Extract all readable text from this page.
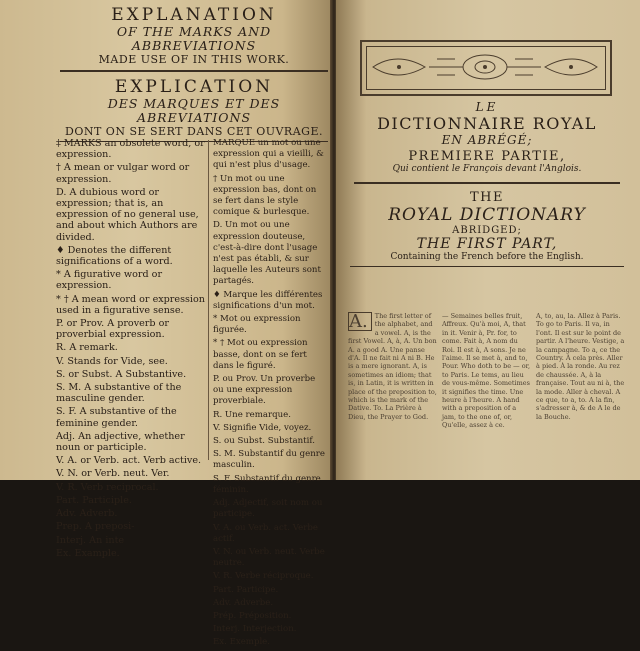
EXPLANATION

OF THE MARKS AND ABBREVIATIONS

MADE USE OF IN THIS WORK.

EXPLICATION

DES MARQUES ET DES ABREVIATIONS

DONT ON SE SERT DANS CET OUVRAGE.

‡ MARKS an obsolete word, or expression.

† A mean or vulgar word or expression.

D. A dubious word or expression; that is, an expression of no general use, and about which Authors are divided.

♦ Denotes the different significations of a word.

* A figurative word or expression.

* † A mean word or expression used in a figurative sense.

P. or Prov. A proverb or proverbial expression.

R. A remark.

V. Stands for Vide, see.

S. or Subst. A Substantive.

S. M. A substantive of the masculine gender.

S. F. A substantive of the feminine gender.

Adj. An adjective, whether noun or participle.

V. A. or Verb. act. Verb active.

V. N. or Verb. neut. Ver.

V. R. Verb reciprocal.

Part. Participle.

Adv. Adverb.

Prep. A preposi-

Interj. An inte

Ex. Example.

MARQUE un mot ou une expression qui a vieilli, & qui n'est plus d'usage.

† Un mot ou une expression bas, dont on se fert dans le style comique & burlesque.

D. Un mot ou une expression douteuse, c'est-à-dire dont l'usage n'est pas établi, & sur laquelle les Auteurs sont partagés.

♦ Marque les différentes significations d'un mot.

* Mot ou expression figurée.

* † Mot ou expression basse, dont on se fert dans le figuré.

P. ou Prov. Un proverbe ou une expression proverbiale.

R. Une remarque.

V. Signifie Vide, voyez.

S. ou Subst. Substantif.

S. M. Substantif du genre masculin.

S. F. Substantif du genre féminin.

Adj. Adjectif, soit nom ou participe.

V. A. ou Verb. act. Verbe actif.

V. N. ou Verb. neut. Verbe neutre.

V. R. Verbe réciproque.

Part. Participe.

Adv. Adverbe.

Prép. Préposition.

Interj. Interjection.

Ex. Exemple.

LE
DICTIONNAIRE ROYAL
EN ABRÉGÉ;
PREMIERE PARTIE,
Qui contient le François devant l'Anglois.
THE
ROYAL DICTIONARY
ABRIDGED;
THE FIRST PART,
Containing the French before the English.
A.	The first letter of the alphabet, and a vowel. A, is the first Vowel. A, à, A. Un bon A. a good A. Une panse d'A. Il ne fait ni A ni B. He is a mere ignorant. A, is sometimes an idiom; that is, in Latin, it is written in place of the preposition to, which is the mark of the Dative. To. La Prière à Dieu, the Prayer to God.

— Semaines belles fruit, Affreux. Qu'à moi, A, that in it. Venir à, Pr. for, to come. Fait à, A nom du Roi. Il est à, A sons. Je ne l'aime. Il se met à, and to, Pour. Who doth to be — or, to Paris. Le tems, au lieu de vous-même. Sometimes it signifies the time. Une heure à l'heure. A hand with a preposition of a jam, to the one of, or, Qu'elle, assez à ce.

A, to, au, la. Allez à Paris. To go to Paris. Il va, in l'ont. Il est sur le point de partir. A l'heure. Vestige, a la campagne. To a, ce the Country. À cela près. Aller à pied. À la ronde. Au rez de chaussée. A, à la française. Tout au ni à, the la mode. Aller à cheval. A ce que, to a, to. A la fin, s'adresser à, & de A le de la Bouche.
